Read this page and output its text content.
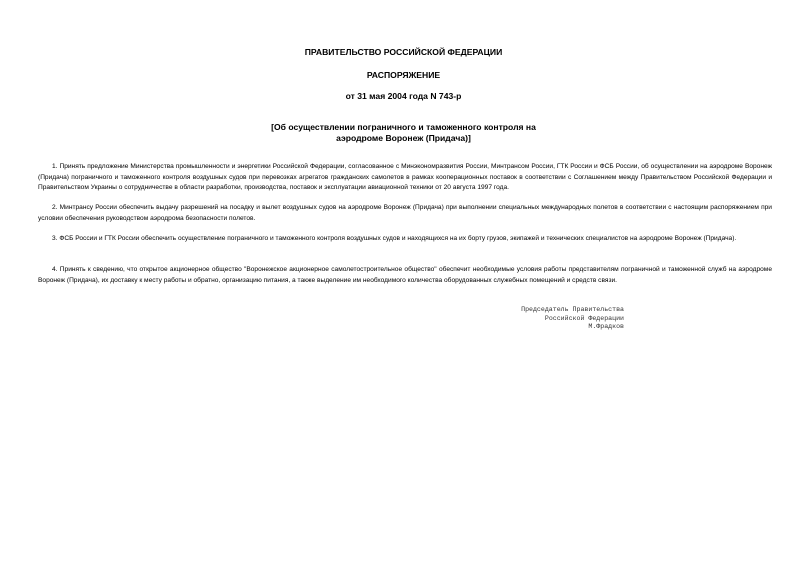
ПРАВИТЕЛЬСТВО РОССИЙСКОЙ ФЕДЕРАЦИИ
РАСПОРЯЖЕНИЕ
от 31 мая 2004 года N 743-р
[Об осуществлении пограничного и таможенного контроля на
аэродроме Воронеж (Придача)]

1. Принять предложение Министерства промышленности и энергетики Российской Федерации, согласованное с Минэкономразвития России, Минтрансом России, ГТК России и ФСБ России, об осуществлении на аэродроме Воронеж (Придача) пограничного и таможенного контроля воздушных судов при перевозках агрегатов гражданских самолетов в рамках кооперационных поставок в соответствии с Соглашением между Правительством Российской Федерации и Правительством Украины о сотрудничестве в области разработки, производства, поставок и эксплуатации авиационной техники от 20 августа 1997 года.

2. Минтрансу России обеспечить выдачу разрешений на посадку и вылет воздушных судов на аэродроме Воронеж (Придача) при выполнении специальных международных полетов в соответствии с настоящим распоряжением при условии обеспечения руководством аэродрома безопасности полетов.

3. ФСБ России и ГТК России обеспечить осуществление пограничного и таможенного контроля воздушных судов и находящихся на их борту грузов, экипажей и технических специалистов на аэродроме Воронеж (Придача).

4. Принять к сведению, что открытое акционерное общество "Воронежское акционерное самолетостроительное общество" обеспечит необходимые условия работы представителям пограничной и таможенной служб на аэродроме Воронеж (Придача), их доставку к месту работы и обратно, организацию питания, а также выделение им необходимого количества оборудованных служебных помещений и средств связи.

Председатель Правительства
Российской Федерации
М.Фрадков
